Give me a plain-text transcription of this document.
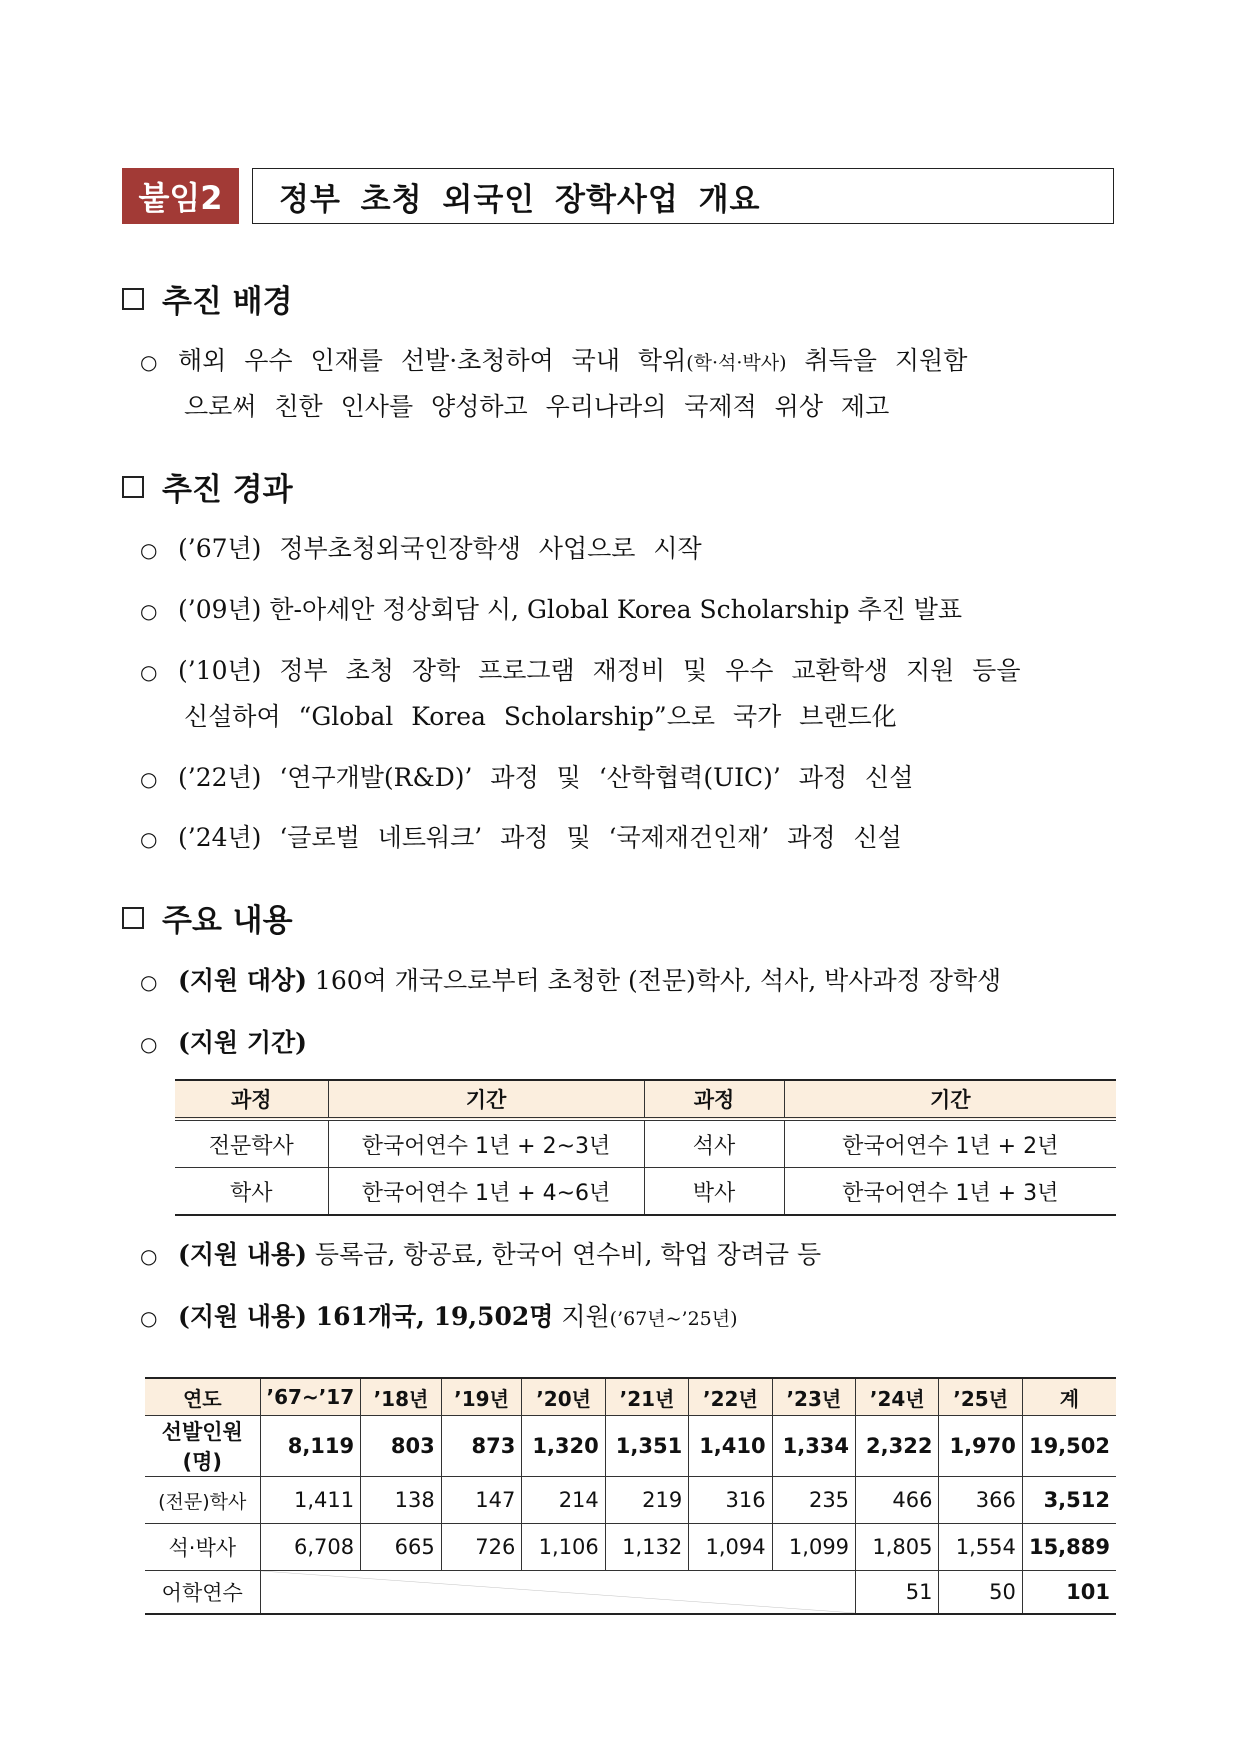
붙임2	정부 초청 외국인 장학사업 개요
추진 배경
○ 해외 우수 인재를 선발·초청하여 국내 학위(학·석·박사) 취득을 지원함
으로써 친한 인사를 양성하고 우리나라의 국제적 위상 제고
추진 경과
○ (’67년) 정부초청외국인장학생 사업으로 시작
○ (’09년) 한-아세안 정상회담 시, Global Korea Scholarship 추진 발표
○ (’10년) 정부 초청 장학 프로그램 재정비 및 우수 교환학생 지원 등을
신설하여 “Global Korea Scholarship”으로 국가 브랜드化
○ (’22년) ‘연구개발(R&D)’ 과정 및 ‘산학협력(UIC)’ 과정 신설
○ (’24년) ‘글로벌 네트워크’ 과정 및 ‘국제재건인재’ 과정 신설
주요 내용
○ (지원 대상) 160여 개국으로부터 초청한 (전문)학사, 석사, 박사과정 장학생
○ (지원 기간)
과정	기간	과정	기간
전문학사	한국어연수 1년 + 2~3년	석사	한국어연수 1년 + 2년
학사	한국어연수 1년 + 4~6년	박사	한국어연수 1년 + 3년
○ (지원 내용) 등록금, 항공료, 한국어 연수비, 학업 장려금 등
○ (지원 내용) 161개국, 19,502명 지원(’67년~’25년)
연도	’67~’17	’18년	’19년	’20년	’21년	’22년	’23년	’24년	’25년	계
선발인원(명)	8,119	803	873	1,320	1,351	1,410	1,334	2,322	1,970	19,502
(전문)학사	1,411	138	147	214	219	316	235	466	366	3,512
석·박사	6,708	665	726	1,106	1,132	1,094	1,099	1,805	1,554	15,889
어학연수								51	50	101
